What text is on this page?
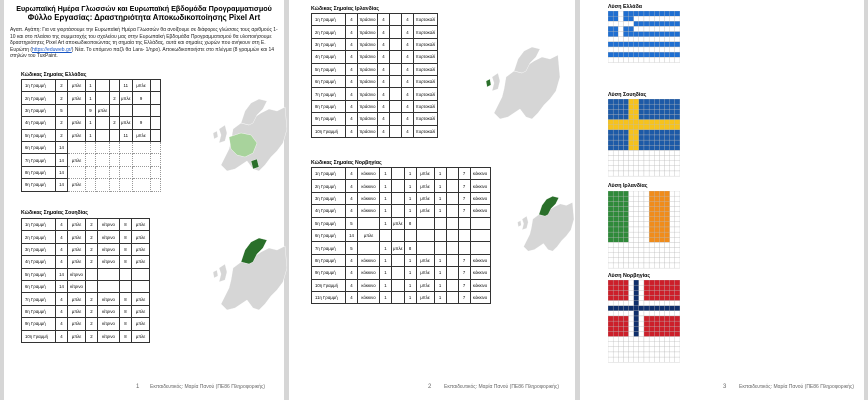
Ευρωπαϊκή Ημέρα Γλωσσών και Ευρωπαϊκή Εβδομάδα Προγραμματισμού
Φύλλο Εργασίας: Δραστηριότητα Αποκωδικοποίησης Pixel Art
Αγαπ. Αγάπη: Για να γιορτάσουμε την Ευρωπαϊκή Ημέρα Γλωσσών θα ανοίξουμε σε διάφορες γλώσσες τους αριθμούς 1-10 και στο πλαίσιο της συμμετοχής του σχολείου μας στην Ευρωπαϊκή Εβδομάδα Προγραμματισμού θα υλοποιήσουμε δραστηριότητες Pixel Art αποκωδικοποιώντας τη σημαία της Ελλάδας, αυτά και σημαίες χωρών που ανήκουν στη Ε. Ευρώπη (https://eduweb.gr/) Νέα. Το επόμενο παζλ θα Lara- 1/ηρο). Αποκωδικοποιήστε στο πλέγμα (8 γραμμών και 14 στηλών του TuxPaint.
Κώδικας Σημαίας Ελλάδας
1η Γραμμή	2	μπλε	1			11	μπλε	
2η Γραμμή	2	μπλε	1		2	μπλε	9	
3η Γραμμή	5		9	μπλε				
4η Γραμμή	2	μπλε	1		2	μπλε	9	
5η Γραμμή	2	μπλε	1			11	μπλε	
6η Γραμμή	14							
7η Γραμμή	14	μπλε						
8η Γραμμή	14							
9η Γραμμή	14	μπλε						
Κώδικας Σημαίας Σουηδίας
1η Γραμμή	4	μπλε	2	κίτρινο	8	μπλε
2η Γραμμή	4	μπλε	2	κίτρινο	8	μπλε
3η Γραμμή	4	μπλε	2	κίτρινο	8	μπλε
4η Γραμμή	4	μπλε	2	κίτρινο	8	μπλε
5η Γραμμή	14	κίτρινο				
6η Γραμμή	14	κίτρινο				
7η Γραμμή	4	μπλε	2	κίτρινο	8	μπλε
8η Γραμμή	4	μπλε	2	κίτρινο	8	μπλε
9η Γραμμή	4	μπλε	2	κίτρινο	8	μπλε
10η Γραμμή	4	μπλε	2	κίτρινο	8	μπλε
1 Εκπαιδευτικός: Μαρία Πανού (ΠΕ86 Πληροφορικής)
Κώδικας Σημαίας Ιρλανδίας
1η Γραμμή	4	πράσινο	4		4	πορτοκαλί
2η Γραμμή	4	πράσινο	4		4	πορτοκαλί
3η Γραμμή	4	πράσινο	4		4	πορτοκαλί
4η Γραμμή	4	πράσινο	4		4	πορτοκαλί
5η Γραμμή	4	πράσινο	4		4	πορτοκαλί
6η Γραμμή	4	πράσινο	4		4	πορτοκαλί
7η Γραμμή	4	πράσινο	4		4	πορτοκαλί
8η Γραμμή	4	πράσινο	4		4	πορτοκαλί
9η Γραμμή	4	πράσινο	4		4	πορτοκαλί
10η Γραμμή	4	πράσινο	4		4	πορτοκαλί
Κώδικας Σημαίας Νορβηγίας
1η Γραμμή	4	κόκκινο	1		1	μπλε	1		7	κόκκινο
2η Γραμμή	4	κόκκινο	1		1	μπλε	1		7	κόκκινο
3η Γραμμή	4	κόκκινο	1		1	μπλε	1		7	κόκκινο
4η Γραμμή	4	κόκκινο	1		1	μπλε	1		7	κόκκινο
5η Γραμμή	5		1	μπλε	8					
6η Γραμμή	14	μπλε								
7η Γραμμή	5		1	μπλε	8					
8η Γραμμή	4	κόκκινο	1		1	μπλε	1		7	κόκκινο
9η Γραμμή	4	κόκκινο	1		1	μπλε	1		7	κόκκινο
10η Γραμμή	4	κόκκινο	1		1	μπλε	1		7	κόκκινο
11η Γραμμή	4	κόκκινο	1		1	μπλε	1		7	κόκκινο
2	Εκπαιδευτικός: Μαρία Πανού (ΠΕ86 Πληροφορικής)
Λύση Ελλάδα
Λύση Σουηδίας
Λύση Ιρλανδίας
Λύση Νορβηγίας
3	Εκπαιδευτικός: Μαρία Πανού (ΠΕ86 Πληροφορικής)
